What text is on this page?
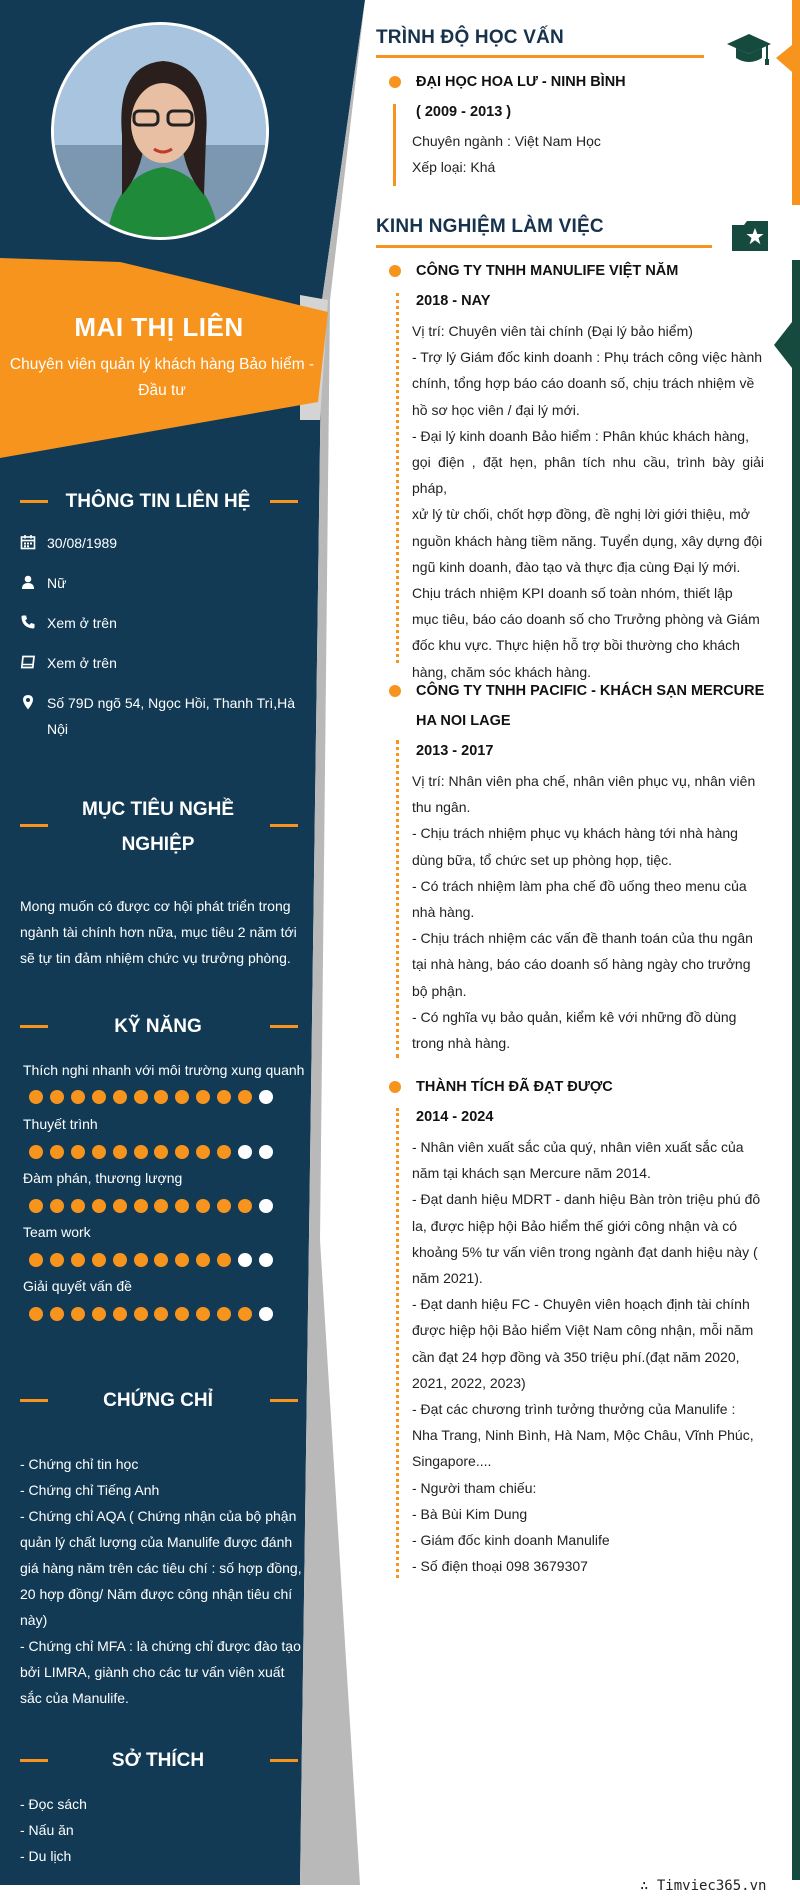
MAI THỊ LIÊN
Chuyên viên quản lý khách hàng Bảo hiểm -
Đầu tư
THÔNG TIN LIÊN HỆ
30/08/1989
Nữ
Xem ở trên
Xem ở trên
Số 79D ngõ 54, Ngọc Hồi, Thanh Trì,Hà
Nội
MỤC TIÊU NGHỀ
NGHIỆP
Mong muốn có được cơ hội phát triển trong
ngành tài chính hơn nữa, mục tiêu 2 năm tới
sẽ tự tin đảm nhiệm chức vụ trưởng phòng.
KỸ NĂNG
Thích nghi nhanh với môi trường xung quanh
Thuyết trình
Đàm phán, thương lượng
Team work
Giải quyết vấn đề
CHỨNG CHỈ
- Chứng chỉ tin học
- Chứng chỉ Tiếng Anh
- Chứng chỉ AQA ( Chứng nhận của bộ phận
quản lý chất lượng của Manulife được đánh
giá hàng năm trên các tiêu chí : số hợp đồng,
20 hợp đồng/ Năm được công nhận tiêu chí
này)
- Chứng chỉ MFA : là chứng chỉ được đào tạo
bởi LIMRA, giành cho các tư vấn viên xuất
sắc của Manulife.
SỞ THÍCH
- Đọc sách
- Nấu ăn
- Du lịch
TRÌNH ĐỘ HỌC VẤN
ĐẠI HỌC HOA LƯ - NINH BÌNH
( 2009 - 2013 )
Chuyên ngành : Việt Nam Học
Xếp loại: Khá
KINH NGHIỆM LÀM VIỆC
CÔNG TY TNHH MANULIFE VIỆT NĂM
2018 - NAY
Vị trí: Chuyên viên tài chính (Đại lý bảo hiểm)
- Trợ lý Giám đốc kinh doanh : Phụ trách công việc hành
chính, tổng hợp báo cáo doanh số, chịu trách nhiệm về
hồ sơ học viên / đại lý mới.
- Đại lý kinh doanh Bảo hiểm : Phân khúc khách hàng,
gọi điện , đặt hẹn, phân tích nhu cầu, trình bày giải pháp,
xử lý từ chối, chốt hợp đồng, đề nghị lời giới thiệu, mở
nguồn khách hàng tiềm năng. Tuyển dụng, xây dựng đội
ngũ kinh doanh, đào tạo và thực địa cùng Đại lý mới.
Chịu trách nhiệm KPI doanh số toàn nhóm, thiết lập
mục tiêu, báo cáo doanh số cho Trưởng phòng và Giám
đốc khu vực. Thực hiện hỗ trợ bồi thường cho khách
hàng, chăm sóc khách hàng.
CÔNG TY TNHH PACIFIC - KHÁCH SẠN MERCURE
HA NOI LAGE
2013 - 2017
Vị trí: Nhân viên pha chế, nhân viên phục vụ, nhân viên
thu ngân.
- Chịu trách nhiệm phục vụ khách hàng tới nhà hàng
dùng bữa, tổ chức set up phòng họp, tiệc.
- Có trách nhiệm làm pha chế đồ uống theo menu của
nhà hàng.
- Chịu trách nhiệm các vấn đề thanh toán của thu ngân
tại nhà hàng, báo cáo doanh số hàng ngày cho trưởng
bộ phận.
- Có nghĩa vụ bảo quản, kiểm kê với những đồ dùng
trong nhà hàng.
THÀNH TÍCH ĐÃ ĐẠT ĐƯỢC
2014 - 2024
- Nhân viên xuất sắc của quý, nhân viên xuất sắc của
năm tại khách sạn Mercure năm 2014.
- Đạt danh hiệu MDRT - danh hiệu Bàn tròn triệu phú đô
la, được hiệp hội Bảo hiểm thế giới công nhận và có
khoảng 5% tư vấn viên trong ngành đạt danh hiệu này (
năm 2021).
- Đạt danh hiệu FC - Chuyên viên hoạch định tài chính
được hiệp hội Bảo hiểm Việt Nam công nhận, mỗi năm
cần đạt 24 hợp đồng và 350 triệu phí.(đạt năm 2020,
2021, 2022, 2023)
- Đạt các chương trình tưởng thưởng của Manulife :
Nha Trang, Ninh Bình, Hà Nam, Mộc Châu, Vĩnh Phúc,
Singapore....
- Người tham chiếu:
- Bà Bùi Kim Dung
- Giám đốc kinh doanh Manulife
- Số điện thoại 098 3679307
∴ Timviec365.vn
